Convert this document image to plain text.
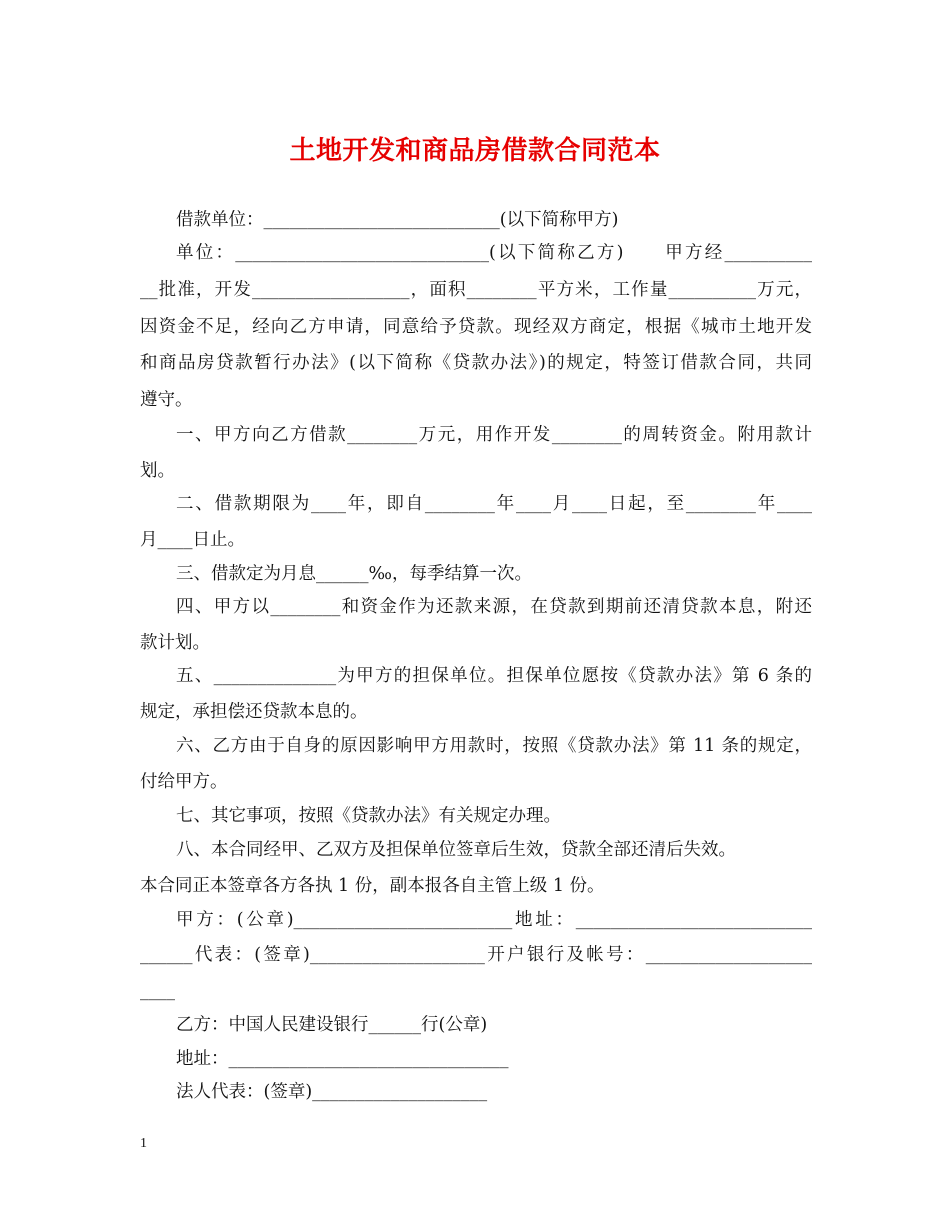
土地开发和商品房借款合同范本
借款单位：___________________________(以下简称甲方)
单位：_____________________________(以下简称乙方)　　甲方经__________
__批准，开发__________________，面积________平方米，工作量__________万元，
因资金不足，经向乙方申请，同意给予贷款。现经双方商定，根据《城市土地开发
和商品房贷款暂行办法》(以下简称《贷款办法》)的规定，特签订借款合同，共同
遵守。
一、甲方向乙方借款________万元，用作开发________的周转资金。附用款计
划。
二、借款期限为____年，即自________年____月____日起，至________年____
月____日止。
三、借款定为月息______‰，每季结算一次。
四、甲方以________和资金作为还款来源，在贷款到期前还清贷款本息，附还
款计划。
五、______________为甲方的担保单位。担保单位愿按《贷款办法》第 6 条的
规定，承担偿还贷款本息的。
六、乙方由于自身的原因影响甲方用款时，按照《贷款办法》第 11 条的规定，
付给甲方。
七、其它事项，按照《贷款办法》有关规定办理。
八、本合同经甲、乙双方及担保单位签章后生效，贷款全部还清后失效。
本合同正本签章各方各执 1 份，副本报各自主管上级 1 份。
甲方：(公章)_________________________地址：___________________________
______代表：(签章)____________________开户银行及帐号：___________________
____
乙方：中国人民建设银行______行(公章)
地址：________________________________
法人代表：(签章)____________________
1
